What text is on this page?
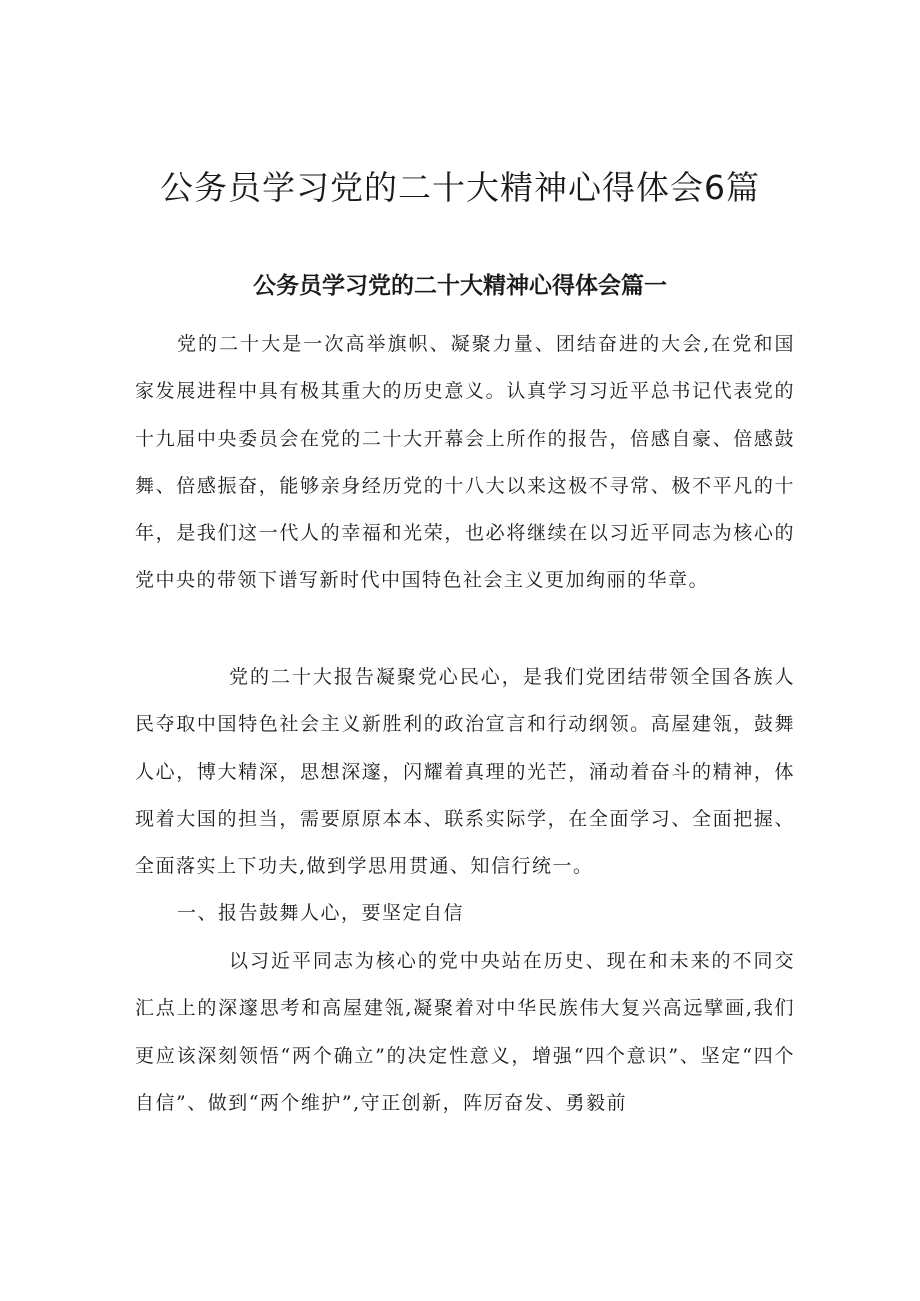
公务员学习党的二十大精神心得体会6篇
公务员学习党的二十大精神心得体会篇一

党的二十大是一次高举旗帜、凝聚力量、团结奋进的大会,在党和国家发展进程中具有极其重大的历史意义。认真学习习近平总书记代表党的十九届中央委员会在党的二十大开幕会上所作的报告，倍感自豪、倍感鼓舞、倍感振奋，能够亲身经历党的十八大以来这极不寻常、极不平凡的十年，是我们这一代人的幸福和光荣，也必将继续在以习近平同志为核心的党中央的带领下谱写新时代中国特色社会主义更加绚丽的华章。

党的二十大报告凝聚党心民心，是我们党团结带领全国各族人民夺取中国特色社会主义新胜利的政治宣言和行动纲领。高屋建瓴，鼓舞人心，博大精深，思想深邃，闪耀着真理的光芒，涌动着奋斗的精神，体现着大国的担当，需要原原本本、联系实际学，在全面学习、全面把握、全面落实上下功夫,做到学思用贯通、知信行统一。

一、报告鼓舞人心，要坚定自信

以习近平同志为核心的党中央站在历史、现在和未来的不同交汇点上的深邃思考和高屋建瓴,凝聚着对中华民族伟大复兴高远擘画,我们更应该深刻领悟“两个确立”的决定性意义，增强“四个意识”、坚定“四个自信”、做到“两个维护”,守正创新，阵厉奋发、勇毅前
